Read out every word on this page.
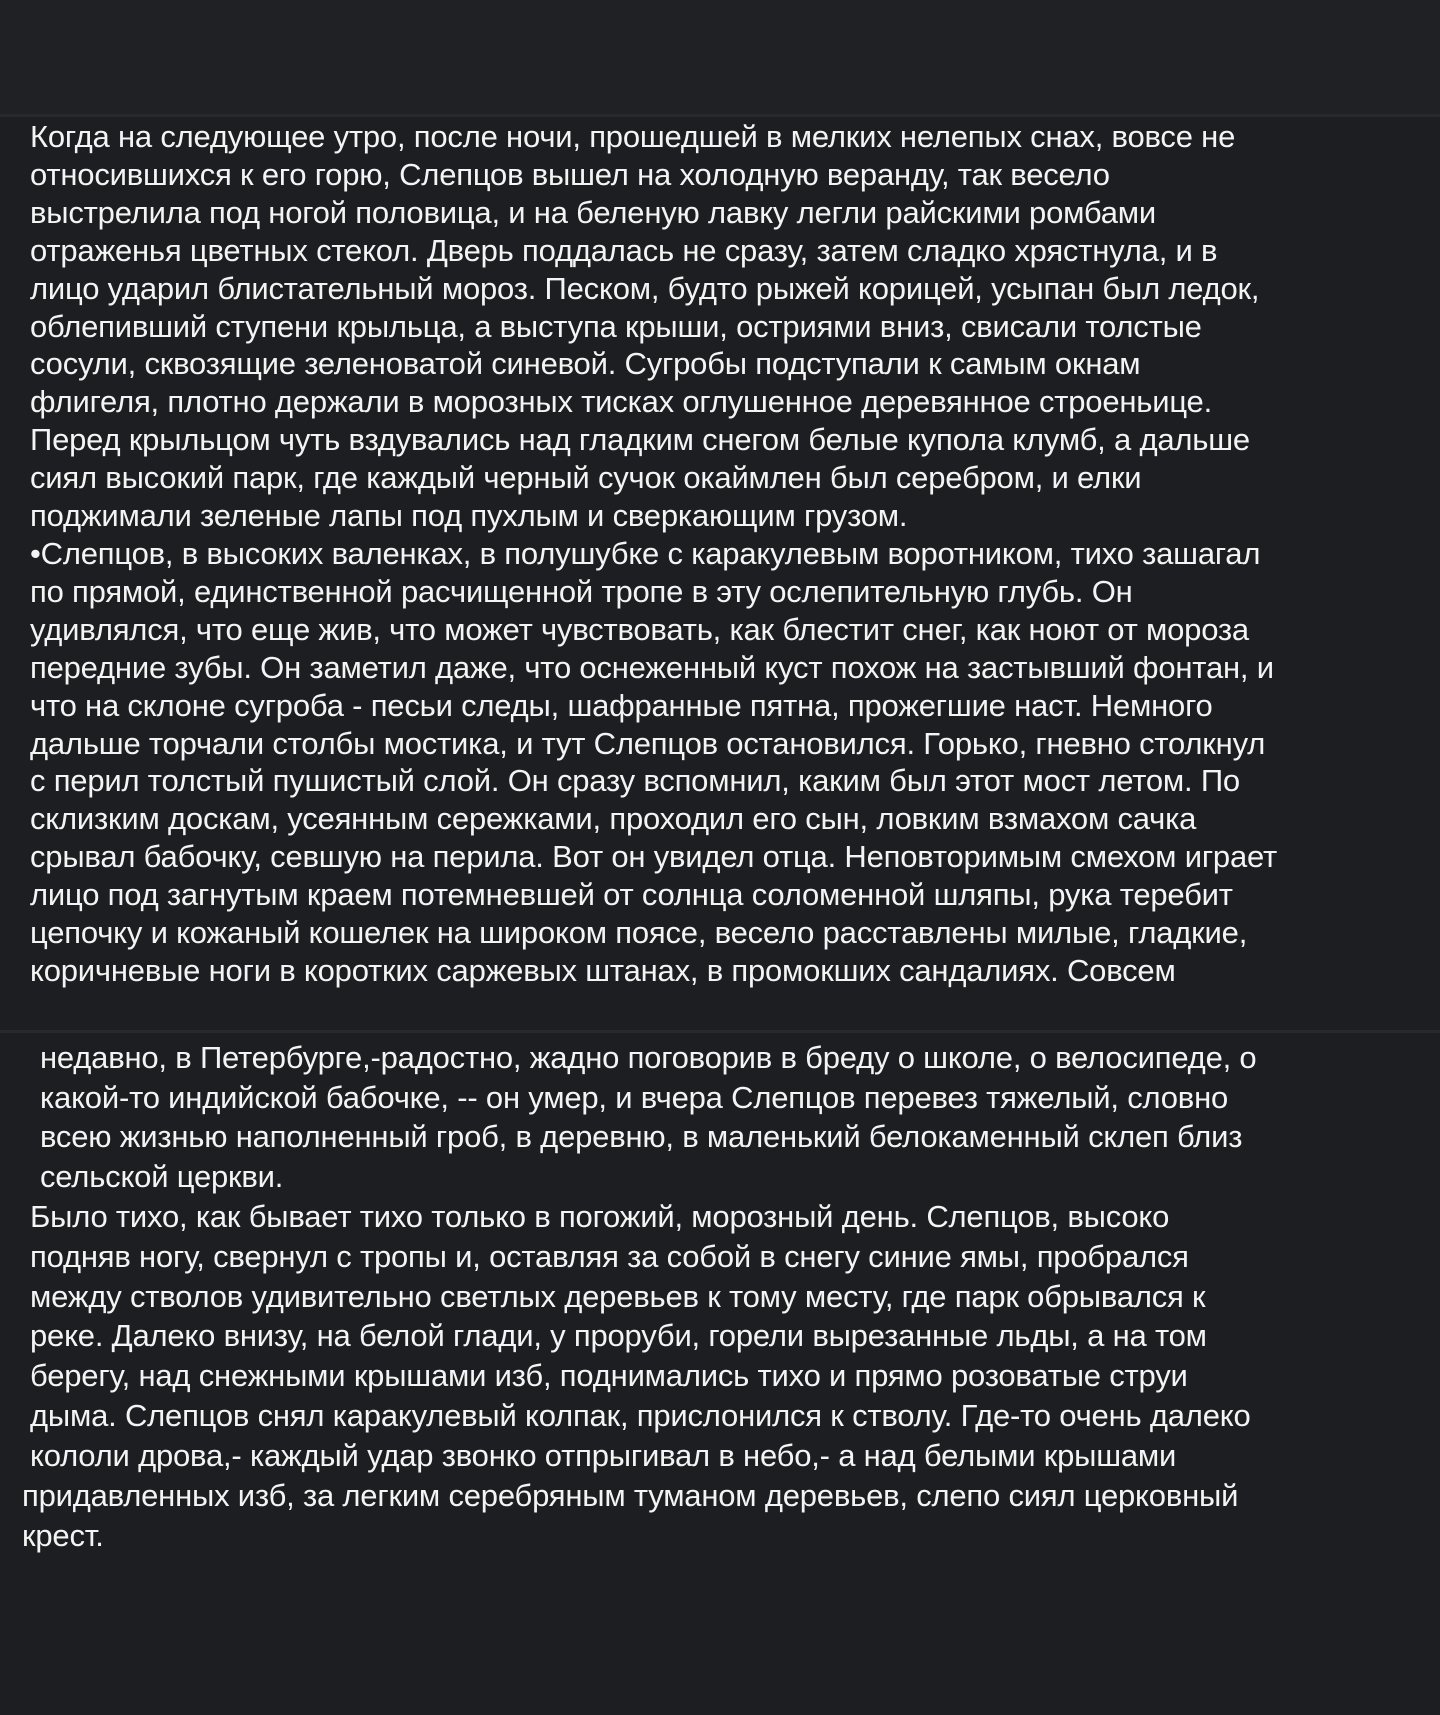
Когда на следующее утро, после ночи, прошедшей в мелких нелепых снах, вовсе не
относившихся к его горю, Слепцов вышел на холодную веранду, так весело
выстрелила под ногой половица, и на беленую лавку легли райскими ромбами
отраженья цветных стекол. Дверь поддалась не сразу, затем сладко хрястнула, и в
лицо ударил блистательный мороз. Песком, будто рыжей корицей, усыпан был ледок,
облепивший ступени крыльца, а выступа крыши, остриями вниз, свисали толстые
сосули, сквозящие зеленоватой синевой. Сугробы подступали к самым окнам
флигеля, плотно держали в морозных тисках оглушенное деревянное строеньице.
Перед крыльцом чуть вздувались над гладким снегом белые купола клумб, а дальше
сиял высокий парк, где каждый черный сучок окаймлен был серебром, и елки
поджимали зеленые лапы под пухлым и сверкающим грузом.
•Слепцов, в высоких валенках, в полушубке с каракулевым воротником, тихо зашагал
по прямой, единственной расчищенной тропе в эту ослепительную глубь. Он
удивлялся, что еще жив, что может чувствовать, как блестит снег, как ноют от мороза
передние зубы. Он заметил даже, что оснеженный куст похож на застывший фонтан, и
что на склоне сугроба - песьи следы, шафранные пятна, прожегшие наст. Немного
дальше торчали столбы мостика, и тут Слепцов остановился. Горько, гневно столкнул
с перил толстый пушистый слой. Он сразу вспомнил, каким был этот мост летом. По
склизким доскам, усеянным сережками, проходил его сын, ловким взмахом сачка
срывал бабочку, севшую на перила. Вот он увидел отца. Неповторимым смехом играет
лицо под загнутым краем потемневшей от солнца соломенной шляпы, рука теребит
цепочку и кожаный кошелек на широком поясе, весело расставлены милые, гладкие,
коричневые ноги в коротких саржевых штанах, в промокших сандалиях. Совсем
недавно, в Петербурге,-радостно, жадно поговорив в бреду о школе, о велосипеде, о
какой-то индийской бабочке, -- он умер, и вчера Слепцов перевез тяжелый, словно
всею жизнью наполненный гроб, в деревню, в маленький белокаменный склеп близ
сельской церкви.
Было тихо, как бывает тихо только в погожий, морозный день. Слепцов, высоко
подняв ногу, свернул с тропы и, оставляя за собой в снегу синие ямы, пробрался
между стволов удивительно светлых деревьев к тому месту, где парк обрывался к
реке. Далеко внизу, на белой глади, у проруби, горели вырезанные льды, а на том
берегу, над снежными крышами изб, поднимались тихо и прямо розоватые струи
дыма. Слепцов снял каракулевый колпак, прислонился к стволу. Где-то очень далеко
кололи дрова,- каждый удар звонко отпрыгивал в небо,- а над белыми крышами
придавленных изб, за легким серебряным туманом деревьев, слепо сиял церковный
крест.
